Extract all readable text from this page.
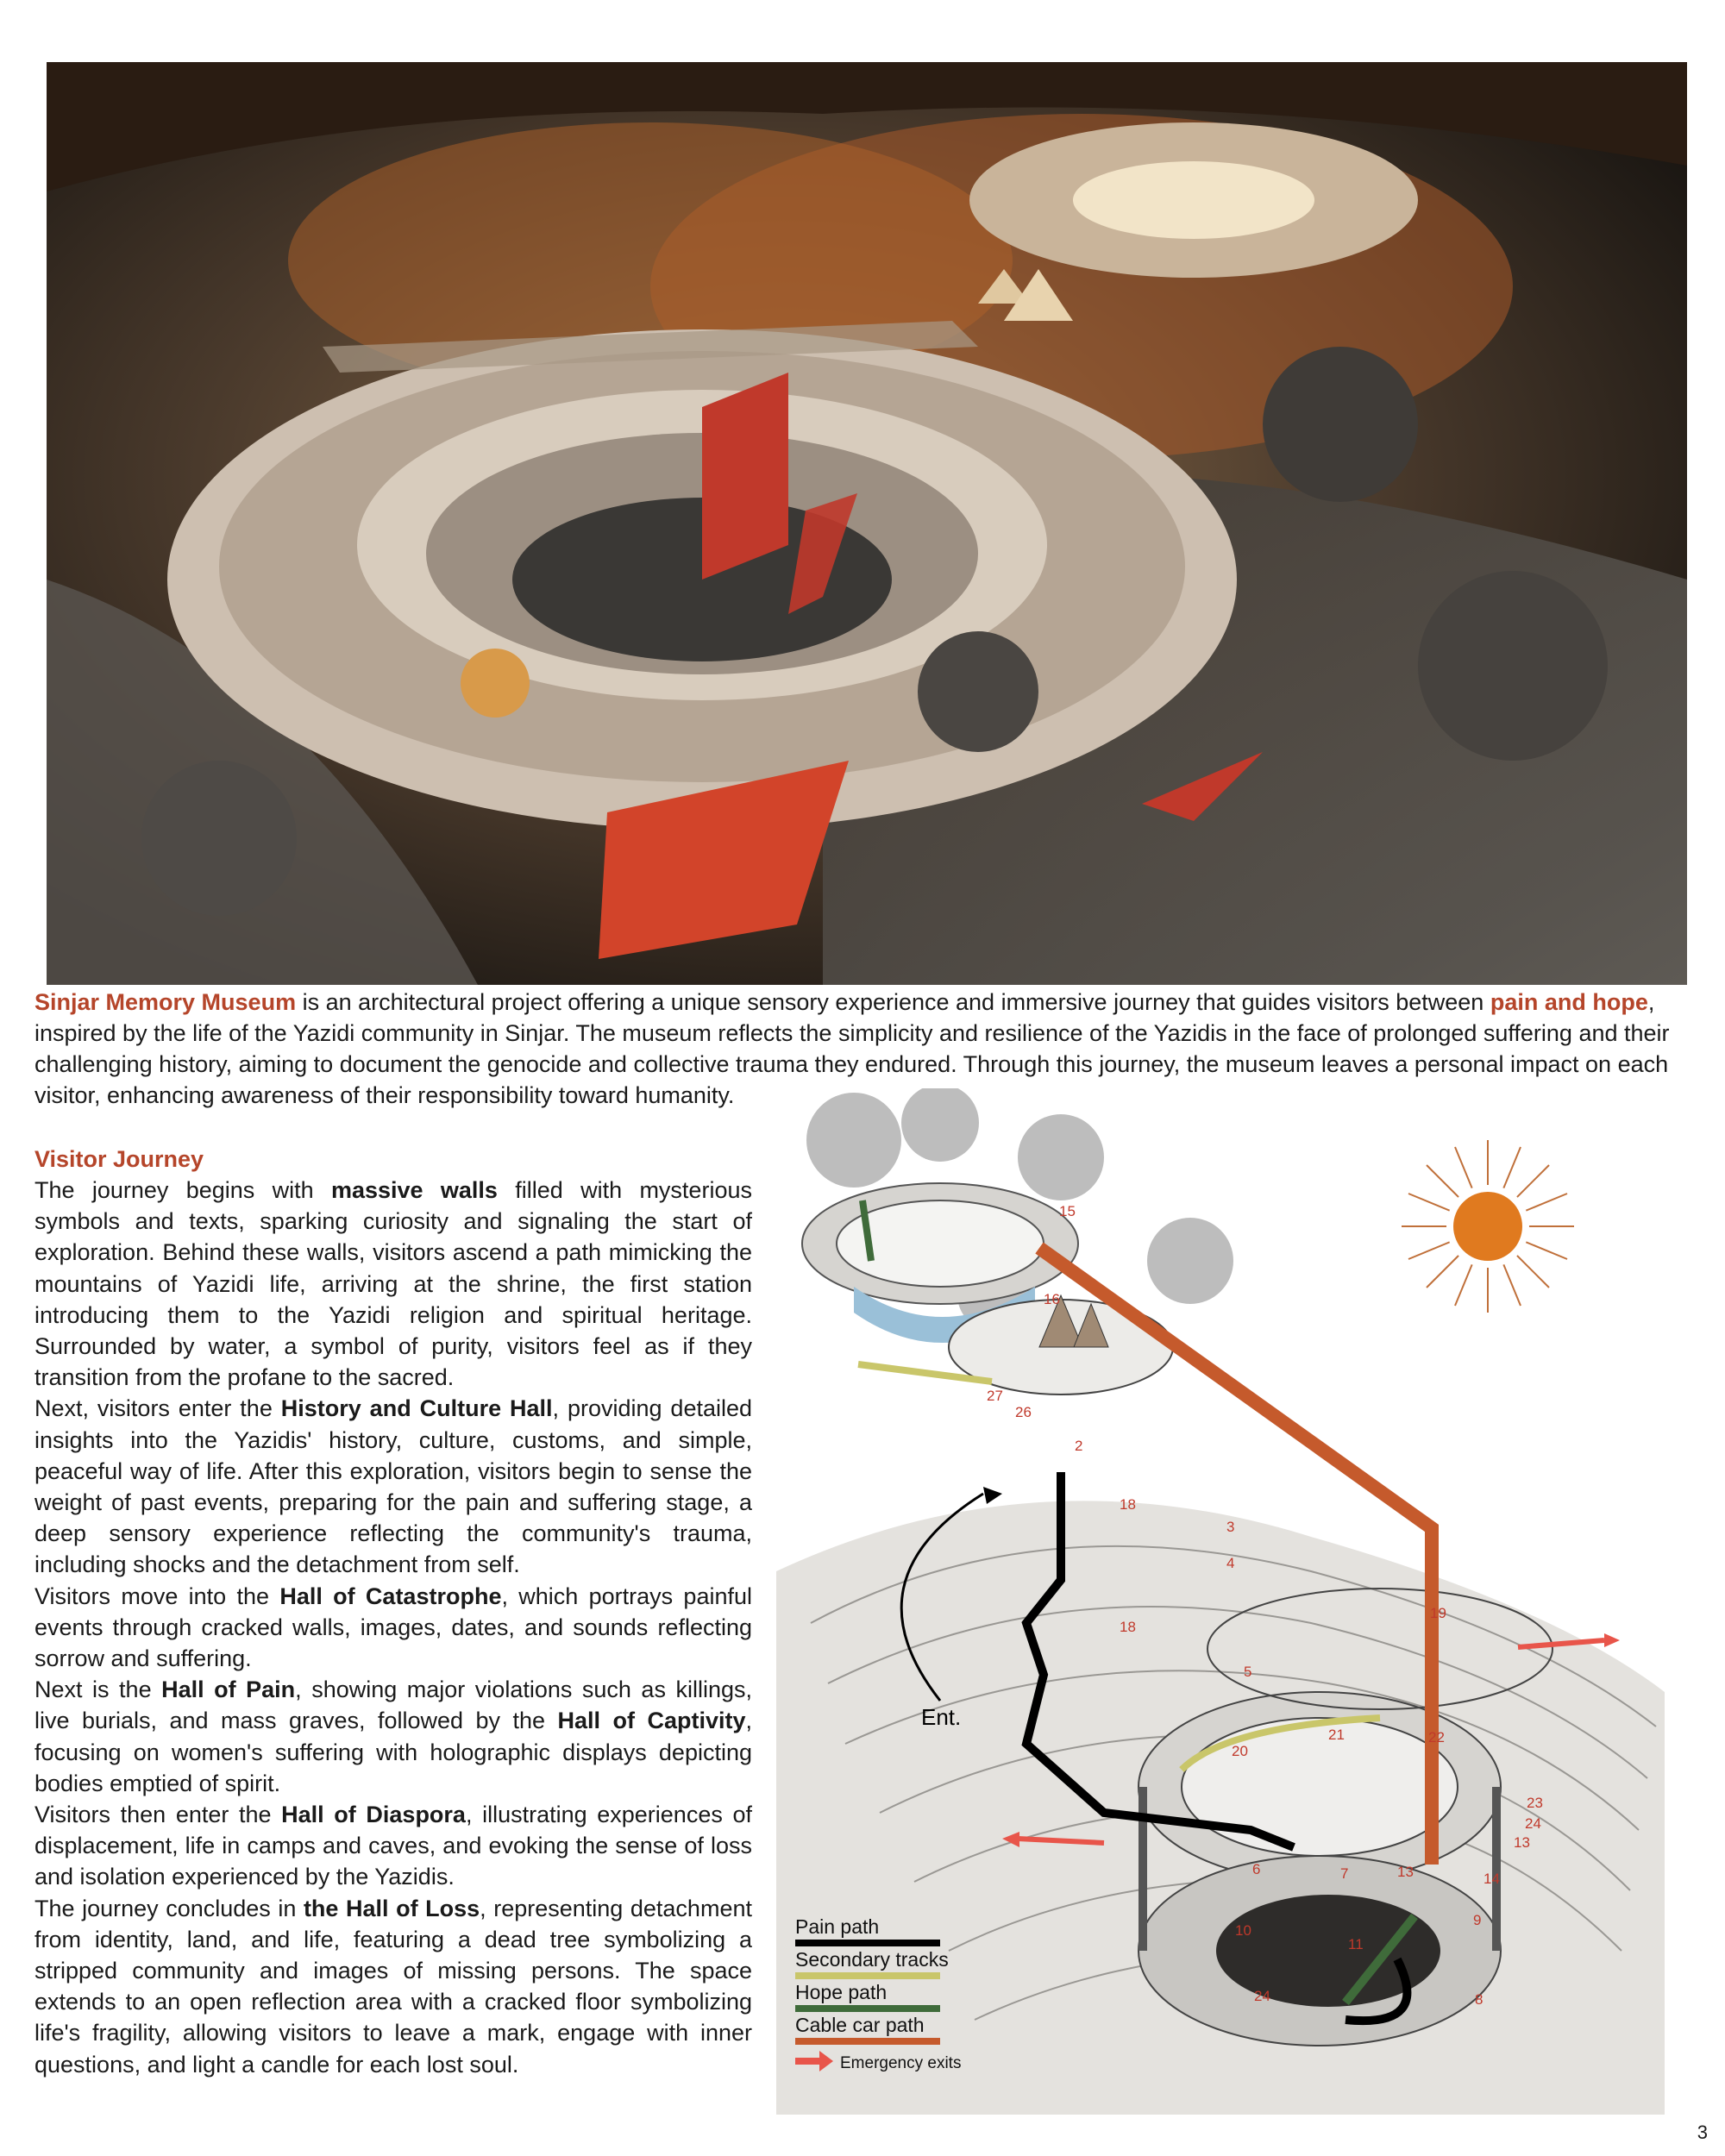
Sinjar Memory Museum is an architectural project offering a unique sensory experience and immersive journey that guides visitors between pain and hope, inspired by the life of the Yazidi community in Sinjar. The museum reflects the simplicity and resilience of the Yazidis in the face of prolonged suffering and their challenging history, aiming to document the genocide and collective trauma they endured. Through this journey, the museum leaves a personal impact on each visitor, enhancing awareness of their responsibility toward humanity.

Visitor Journey

The journey begins with massive walls filled with mysterious symbols and texts, sparking curiosity and signaling the start of exploration. Behind these walls, visitors ascend a path mimicking the mountains of Yazidi life, arriving at the shrine, the first station introducing them to the Yazidi religion and spiritual heritage. Surrounded by water, a symbol of purity, visitors feel as if they transition from the profane to the sacred.

Next, visitors enter the History and Culture Hall, providing detailed insights into the Yazidis' history, culture, customs, and simple, peaceful way of life. After this exploration, visitors begin to sense the weight of past events, preparing for the pain and suffering stage, a deep sensory experience reflecting the community's trauma, including shocks and the detachment from self.

Visitors move into the Hall of Catastrophe, which portrays painful events through cracked walls, images, dates, and sounds reflecting sorrow and suffering.

Next is the Hall of Pain, showing major violations such as killings, live burials, and mass graves, followed by the Hall of Captivity, focusing on women's suffering with holographic displays depicting bodies emptied of spirit.

Visitors then enter the Hall of Diaspora, illustrating experiences of displacement, life in camps and caves, and evoking the sense of loss and isolation experienced by the Yazidis.

The journey concludes in the Hall of Loss, representing detachment from identity, land, and life, featuring a dead tree symbolizing a stripped community and images of missing persons. The space extends to an open reflection area with a cracked floor symbolizing life's fragility, allowing visitors to leave a mark, engage with inner questions, and light a candle for each lost soul.

Ent.
15
16
27
26
2
18
3
4
18
19
5
20
21	22
23
13
6	7	13	14
10
9
11
24	8
24
Pain path
Secondary tracks
Hope path
Cable car path
Emergency exits
3
